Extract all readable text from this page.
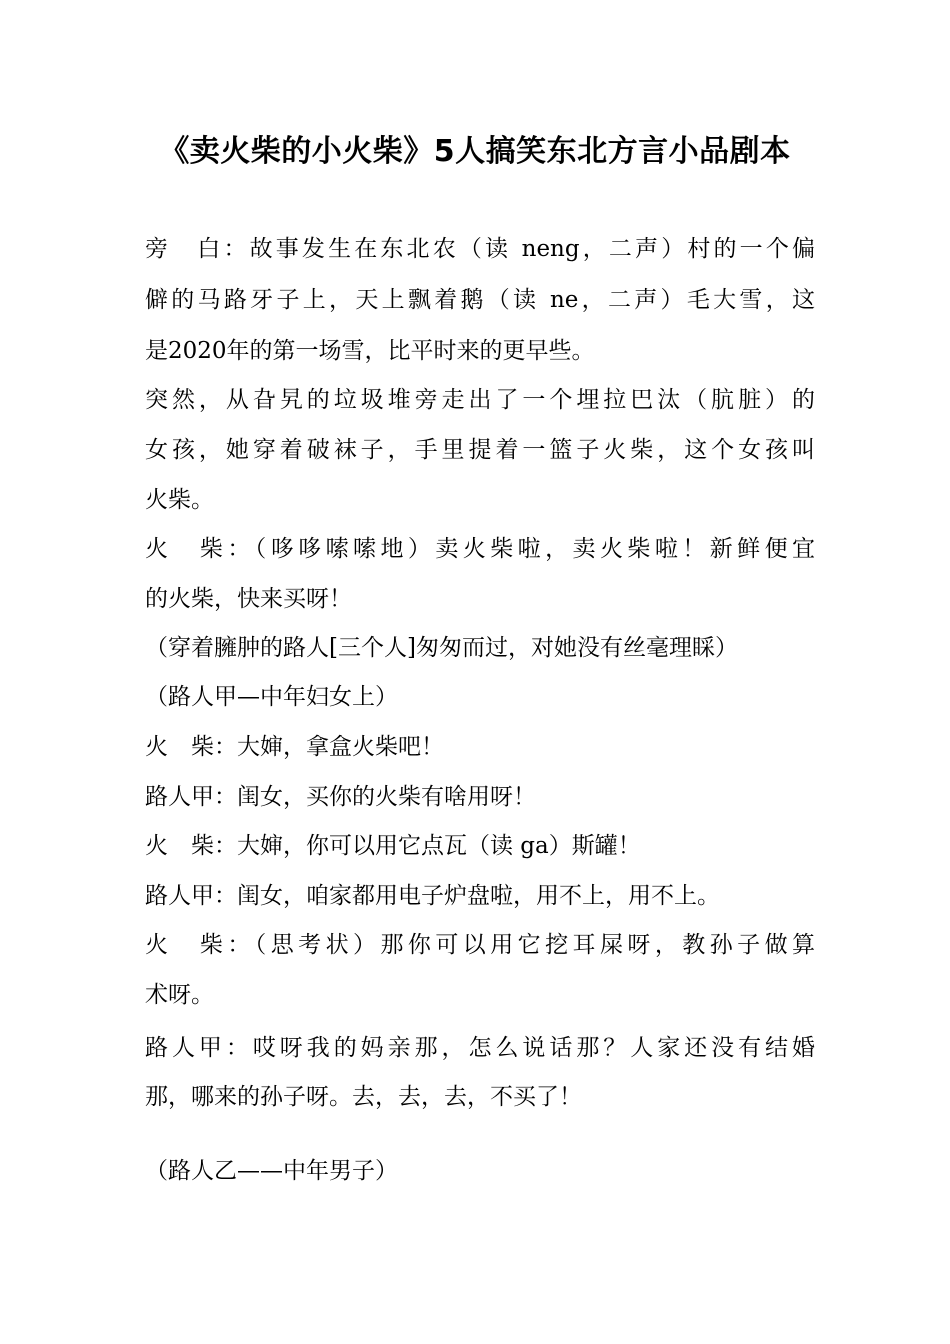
《卖火柴的小火柴》5人搞笑东北方言小品剧本
旁　白：故事发生在东北农（读 neng，二声）村的一个偏
僻的马路牙子上，天上飘着鹅（读 ne，二声）毛大雪，这
是2020年的第一场雪，比平时来的更早些。
突然，从旮旯的垃圾堆旁走出了一个埋拉巴汰（肮脏）的
女孩，她穿着破袜子，手里提着一篮子火柴，这个女孩叫
火柴。
火　柴：（哆哆嗦嗦地）卖火柴啦，卖火柴啦！新鲜便宜
的火柴，快来买呀！
（穿着臃肿的路人[三个人]匆匆而过，对她没有丝毫理睬）
（路人甲—中年妇女上）
火　柴：大婶，拿盒火柴吧！
路人甲：闺女，买你的火柴有啥用呀！
火　柴：大婶，你可以用它点瓦（读 ga）斯罐！
路人甲：闺女，咱家都用电子炉盘啦，用不上，用不上。
火　柴：（思考状）那你可以用它挖耳屎呀，教孙子做算
术呀。
路人甲：哎呀我的妈亲那，怎么说话那？人家还没有结婚
那，哪来的孙子呀。去，去，去，不买了！
（路人乙——中年男子）
